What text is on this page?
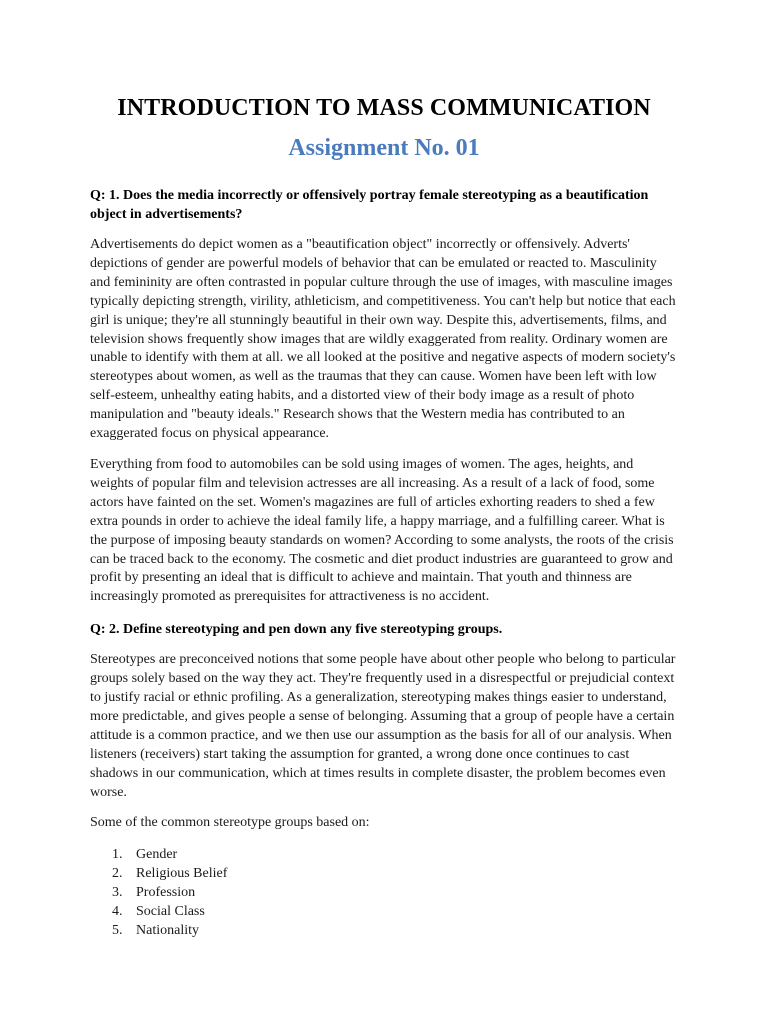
INTRODUCTION TO MASS COMMUNICATION
Assignment No. 01

Q: 1. Does the media incorrectly or offensively portray female stereotyping as a beautification object in advertisements?

Advertisements do depict women as a "beautification object" incorrectly or offensively. Adverts' depictions of gender are powerful models of behavior that can be emulated or reacted to. Masculinity and femininity are often contrasted in popular culture through the use of images, with masculine images typically depicting strength, virility, athleticism, and competitiveness. You can't help but notice that each girl is unique; they're all stunningly beautiful in their own way. Despite this, advertisements, films, and television shows frequently show images that are wildly exaggerated from reality. Ordinary women are unable to identify with them at all. we all looked at the positive and negative aspects of modern society's stereotypes about women, as well as the traumas that they can cause. Women have been left with low self-esteem, unhealthy eating habits, and a distorted view of their body image as a result of photo manipulation and "beauty ideals." Research shows that the Western media has contributed to an exaggerated focus on physical appearance.

Everything from food to automobiles can be sold using images of women. The ages, heights, and weights of popular film and television actresses are all increasing. As a result of a lack of food, some actors have fainted on the set. Women's magazines are full of articles exhorting readers to shed a few extra pounds in order to achieve the ideal family life, a happy marriage, and a fulfilling career. What is the purpose of imposing beauty standards on women? According to some analysts, the roots of the crisis can be traced back to the economy. The cosmetic and diet product industries are guaranteed to grow and profit by presenting an ideal that is difficult to achieve and maintain. That youth and thinness are increasingly promoted as prerequisites for attractiveness is no accident.

Q: 2. Define stereotyping and pen down any five stereotyping groups.

Stereotypes are preconceived notions that some people have about other people who belong to particular groups solely based on the way they act. They're frequently used in a disrespectful or prejudicial context to justify racial or ethnic profiling. As a generalization, stereotyping makes things easier to understand, more predictable, and gives people a sense of belonging. Assuming that a group of people have a certain attitude is a common practice, and we then use our assumption as the basis for all of our analysis. When listeners (receivers) start taking the assumption for granted, a wrong done once continues to cast shadows in our communication, which at times results in complete disaster, the problem becomes even worse.

Some of the common stereotype groups based on:

1. Gender
2. Religious Belief
3. Profession
4. Social Class
5. Nationality
